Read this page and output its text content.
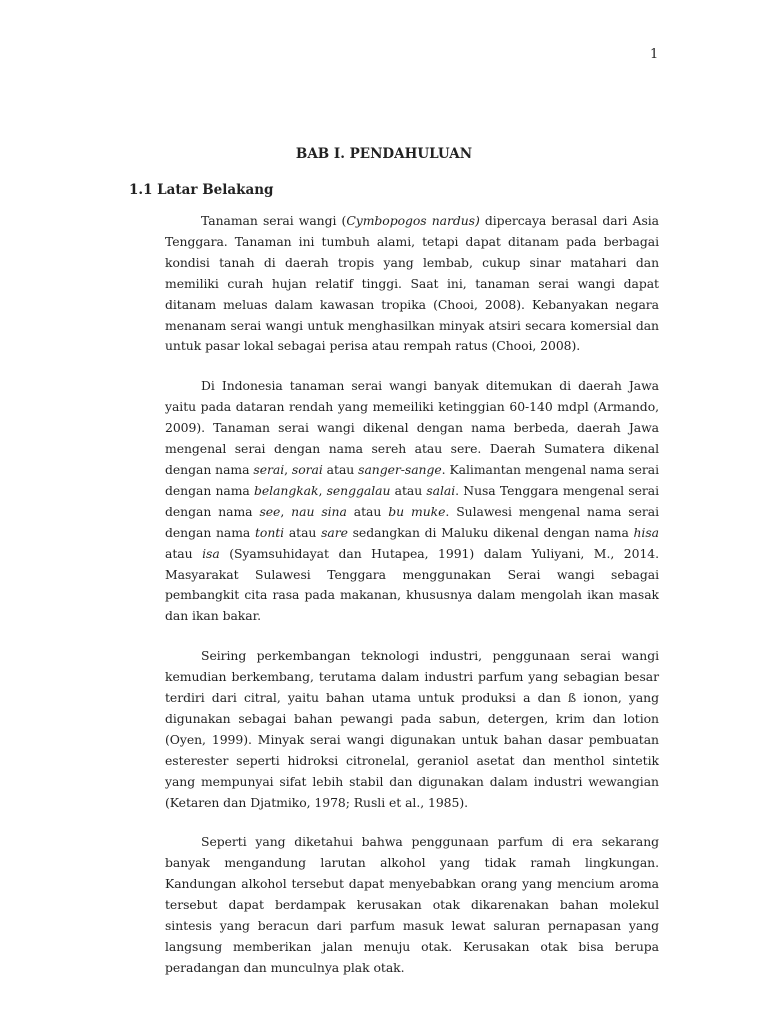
1
BAB I. PENDAHULUAN
1.1 Latar Belakang

Tanaman serai wangi (Cymbopogos nardus) dipercaya berasal dari Asia Tenggara. Tanaman ini tumbuh alami, tetapi dapat ditanam pada berbagai kondisi tanah di daerah tropis yang lembab, cukup sinar matahari dan memiliki curah hujan relatif tinggi. Saat ini, tanaman serai wangi dapat ditanam meluas dalam kawasan tropika (Chooi, 2008). Kebanyakan negara menanam serai wangi untuk menghasilkan minyak atsiri secara komersial dan untuk pasar lokal sebagai perisa atau rempah ratus (Chooi, 2008).

Di Indonesia tanaman serai wangi banyak ditemukan di daerah Jawa yaitu pada dataran rendah yang memeiliki ketinggian 60-140 mdpl (Armando, 2009). Tanaman serai wangi dikenal dengan nama berbeda, daerah Jawa mengenal serai dengan nama sereh atau sere. Daerah Sumatera dikenal dengan nama serai, sorai atau sanger-sange. Kalimantan mengenal nama serai dengan nama belangkak, senggalau atau salai. Nusa Tenggara mengenal serai dengan nama see, nau sina atau bu muke. Sulawesi mengenal nama serai dengan nama tonti atau sare sedangkan di Maluku dikenal dengan nama hisa atau isa (Syamsuhidayat dan Hutapea, 1991) dalam Yuliyani, M., 2014. Masyarakat Sulawesi Tenggara menggunakan Serai wangi sebagai pembangkit cita rasa pada makanan, khususnya dalam mengolah ikan masak dan ikan bakar.

Seiring perkembangan teknologi industri, penggunaan serai wangi kemudian berkembang, terutama dalam industri parfum yang sebagian besar terdiri dari citral, yaitu bahan utama untuk produksi a dan ß ionon, yang digunakan sebagai bahan pewangi pada sabun, detergen, krim dan lotion (Oyen, 1999). Minyak serai wangi digunakan untuk bahan dasar pembuatan esterester seperti hidroksi citronelal, geraniol asetat dan menthol sintetik yang mempunyai sifat lebih stabil dan digunakan dalam industri wewangian (Ketaren dan Djatmiko, 1978; Rusli et al., 1985).

Seperti yang diketahui bahwa penggunaan parfum di era sekarang banyak mengandung larutan alkohol yang tidak ramah lingkungan. Kandungan alkohol tersebut dapat menyebabkan orang yang mencium aroma tersebut dapat berdampak kerusakan otak dikarenakan bahan molekul sintesis yang beracun dari parfum masuk lewat saluran pernapasan yang langsung memberikan jalan menuju otak. Kerusakan otak bisa berupa peradangan dan munculnya plak otak.
